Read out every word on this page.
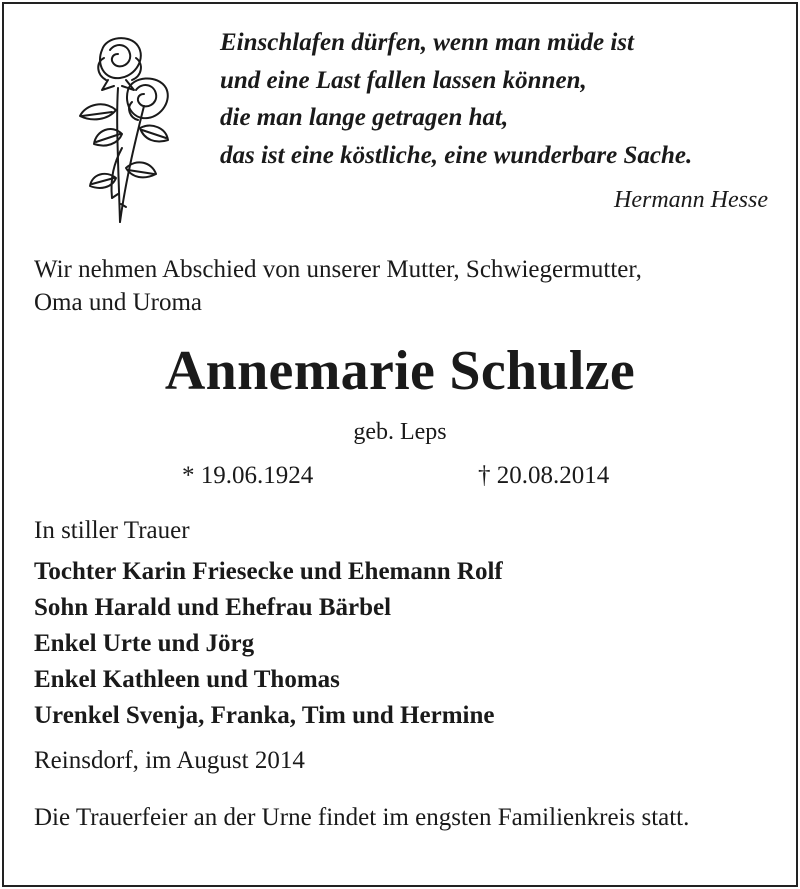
Einschlafen dürfen, wenn man müde ist
und eine Last fallen lassen können,
die man lange getragen hat,
das ist eine köstliche, eine wunderbare Sache.
Hermann Hesse
Wir nehmen Abschied von unserer Mutter, Schwiegermutter,
Oma und Uroma
Annemarie Schulze
geb. Leps
* 19.06.1924	† 20.08.2014
In stiller Trauer
Tochter Karin Friesecke und Ehemann Rolf
Sohn Harald und Ehefrau Bärbel
Enkel Urte und Jörg
Enkel Kathleen und Thomas
Urenkel Svenja, Franka, Tim und Hermine
Reinsdorf, im August 2014
Die Trauerfeier an der Urne findet im engsten Familienkreis statt.
